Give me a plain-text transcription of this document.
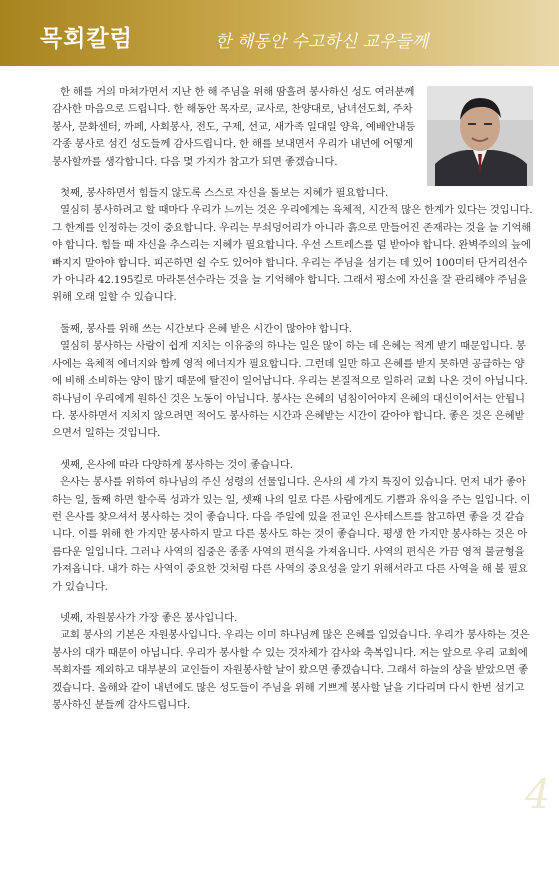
목회칼럼	한 해동안 수고하신 교우들께

한 해를 거의 마쳐가면서 지난 한 해 주님을 위해 땀흘려 봉사하신 성도 여러분께 감사한 마음으로 드립니다. 한 해동안 목자로, 교사로, 찬양대로, 남녀선도회, 주차봉사, 문화센터, 까페, 사회봉사, 전도, 구제, 선교, 새가족 일대일 양육, 예배안내등각종 봉사로 섬긴 성도들께 감사드립니다. 한 해를 보내면서 우리가 내년에 어떻게 봉사할까를 생각합니다. 다음 몇 가지가 참고가 되면 좋겠습니다.

첫째, 봉사하면서 힘들지 않도록 스스로 자신을 돌보는 지혜가 필요합니다.

열심히 봉사하려고 할 때마다 우리가 느끼는 것은 우리에게는 육체적, 시간적 많은 한계가 있다는 것입니다. 그 한계를 인정하는 것이 중요합니다. 우리는 무쇠덩어리가 아니라 흙으로 만들어진 존재라는 것을 늘 기억해야 합니다. 힘들 때 자신을 추스리는 지혜가 필요합니다. 우선 스트레스를 덜 받아야 합니다. 완벽주의의 늪에 빠지지 말아야 합니다. 피곤하면 쉴 수도 있어야 합니다. 우리는 주님을 섬기는 데 있어 100미터 단거리선수가 아니라 42.195킬로 마라톤선수라는 것을 늘 기억해야 합니다. 그래서 평소에 자신을 잘 관리해야 주님을 위해 오래 일할 수 있습니다.

둘째, 봉사를 위해 쓰는 시간보다 은혜 받은 시간이 많아야 합니다.

열심히 봉사하는 사람이 쉽게 지치는 이유중의 하나는 일은 많이 하는 데 은혜는 적게 받기 때문입니다. 봉사에는 육체적 에너지와 함께 영적 에너지가 필요합니다. 그런데 일만 하고 은혜를 받지 못하면 공급하는 양에 비해 소비하는 양이 많기 때문에 탈진이 일어납니다. 우리는 본질적으로 일하러 교회 나온 것이 아닙니다. 하나님이 우리에게 원하신 것은 노동이 아닙니다. 봉사는 은혜의 넘침이어야지 은혜의 대신이어서는 안됩니다. 봉사하면서 지치지 않으려면 적어도 봉사하는 시간과 은혜받는 시간이 같아야 합니다. 좋은 것은 은혜받으면서 일하는 것입니다.

셋째, 은사에 따라 다양하게 봉사하는 것이 좋습니다.

은사는 봉사를 위하여 하나님의 주신 성령의 선물입니다. 은사의 세 가지 특징이 있습니다. 먼저 내가 좋아하는 일, 둘째 하면 할수록 성과가 있는 일, 셋째 나의 일로 다른 사람에게도 기쁨과 유익을 주는 일입니다. 이런 은사를 찾으셔서 봉사하는 것이 좋습니다. 다음 주일에 있을 전교인 은사테스트를 참고하면 좋을 것 같습니다. 이를 위해 한 가지만 봉사하지 말고 다른 봉사도 하는 것이 좋습니다. 평생 한 가지만 봉사하는 것은 아름다운 일입니다. 그러나 사역의 집중은 종종 사역의 편식을 가져옵니다. 사역의 편식은 가끔 영적 불균형을 가져옵니다. 내가 하는 사역이 중요한 것처럼 다른 사역의 중요성을 알기 위해서라고 다른 사역을 해 볼 필요가 있습니다.

넷째, 자원봉사가 가장 좋은 봉사입니다.

교회 봉사의 기본은 자원봉사입니다. 우리는 이미 하나님께 많은 은혜를 입었습니다. 우리가 봉사하는 것은 봉사의 대가 때문이 아닙니다. 우리가 봉사할 수 있는 것자체가 감사와 축복입니다. 저는 앞으로 우리 교회에 목회자를 제외하고 대부분의 교인들이 자원봉사할 날이 왔으면 좋겠습니다. 그래서 하늘의 상을 받았으면 좋겠습니다. 올해와 같이 내년에도 많은 성도들이 주님을 위해 기쁘게 봉사할 날을 기다리며 다시 한번 섬기고 봉사하신 분들께 감사드립니다.

4
